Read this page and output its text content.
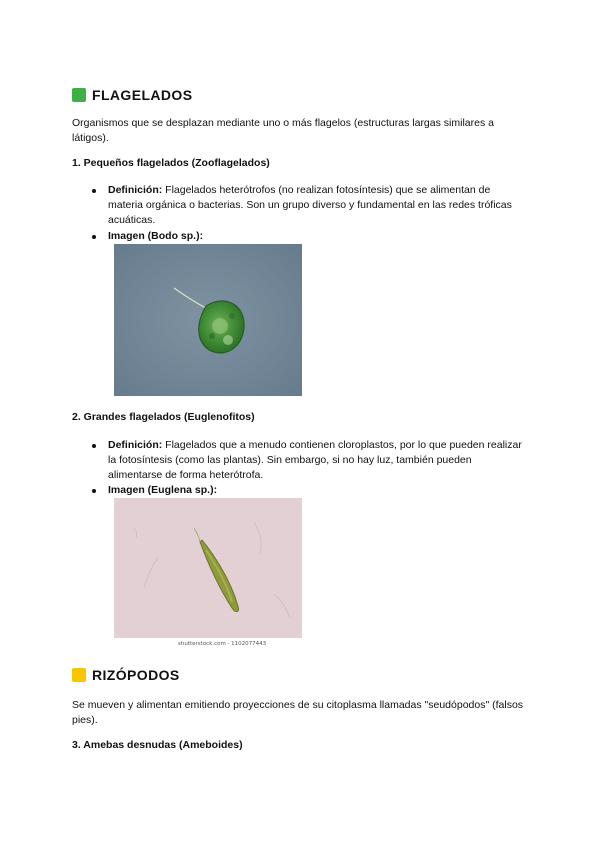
FLAGELADOS
Organismos que se desplazan mediante uno o más flagelos (estructuras largas similares a látigos).
1. Pequeños flagelados (Zooflagelados)
Definición: Flagelados heterótrofos (no realizan fotosíntesis) que se alimentan de materia orgánica o bacterias. Son un grupo diverso y fundamental en las redes tróficas acuáticas.
Imagen (Bodo sp.):
2. Grandes flagelados (Euglenofitos)
Definición: Flagelados que a menudo contienen cloroplastos, por lo que pueden realizar la fotosíntesis (como las plantas). Sin embargo, si no hay luz, también pueden alimentarse de forma heterótrofa.
Imagen (Euglena sp.):
shutterstock.com · 1102077443
RIZÓPODOS
Se mueven y alimentan emitiendo proyecciones de su citoplasma llamadas "seudópodos" (falsos pies).
3. Amebas desnudas (Ameboides)
